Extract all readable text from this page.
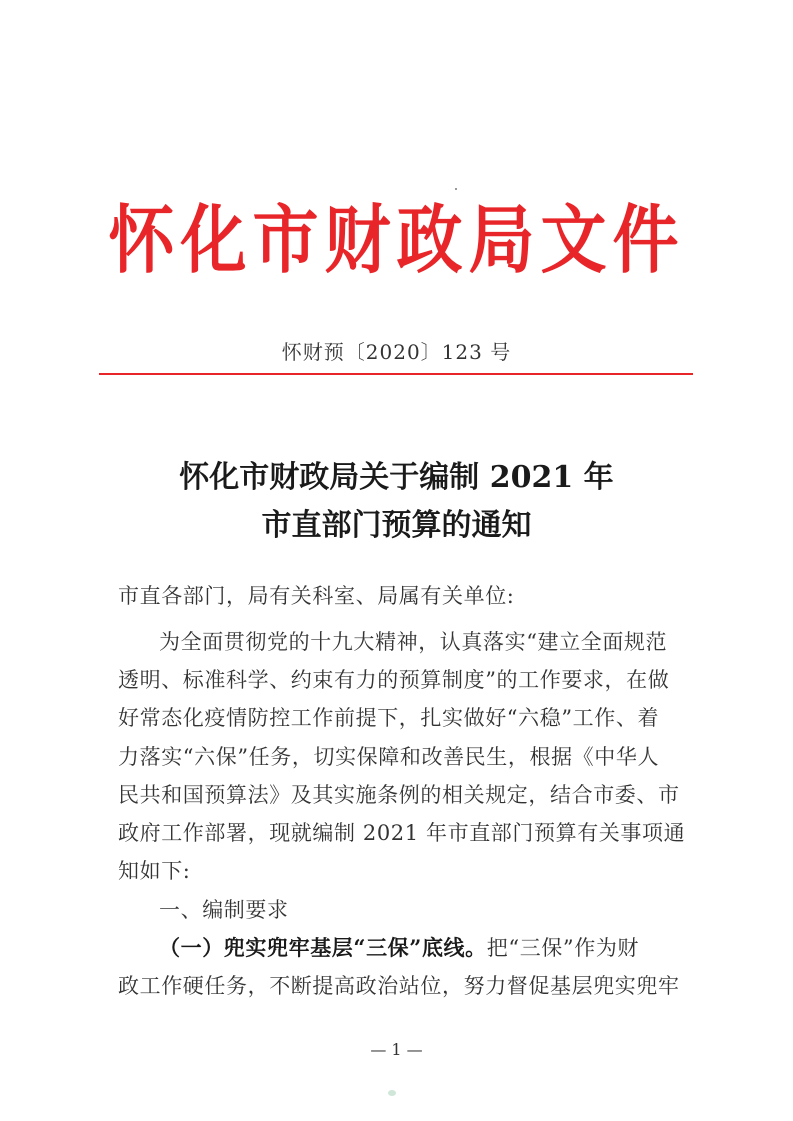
怀化市财政局文件
怀财预〔2020〕123 号
怀化市财政局关于编制 2021 年
市直部门预算的通知
市直各部门，局有关科室、局属有关单位:
为全面贯彻党的十九大精神，认真落实“建立全面规范
透明、标准科学、约束有力的预算制度”的工作要求，在做
好常态化疫情防控工作前提下，扎实做好“六稳”工作、着
力落实“六保”任务，切实保障和改善民生，根据《中华人
民共和国预算法》及其实施条例的相关规定，结合市委、市
政府工作部署，现就编制 2021 年市直部门预算有关事项通
知如下:
一、编制要求
（一）兜实兜牢基层“三保”底线。把“三保”作为财
政工作硬任务，不断提高政治站位，努力督促基层兜实兜牢
— 1 —
